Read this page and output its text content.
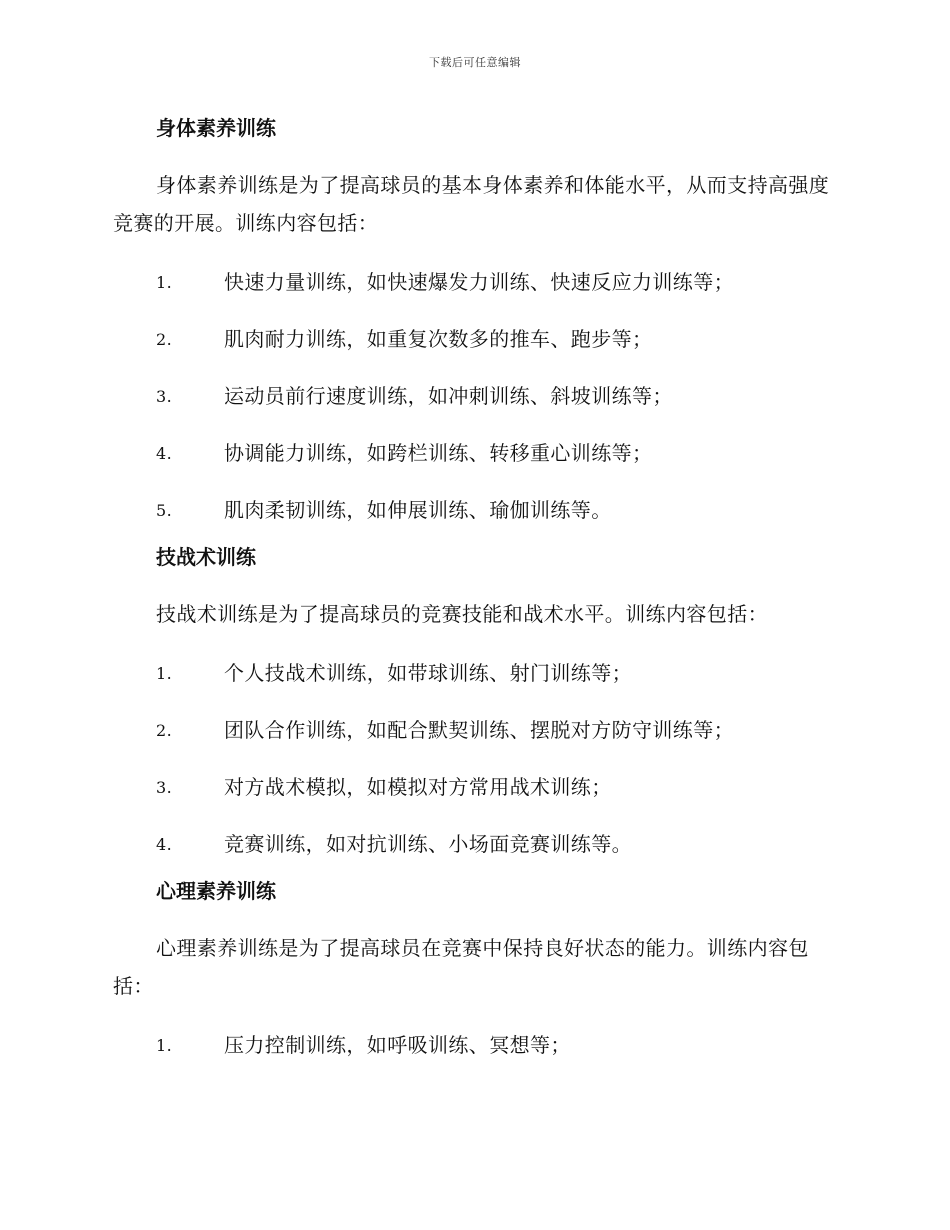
下载后可任意编辑
身体素养训练

身体素养训练是为了提高球员的基本身体素养和体能水平，从而支持高强度竞赛的开展。训练内容包括：

1.	快速力量训练，如快速爆发力训练、快速反应力训练等；
2.	肌肉耐力训练，如重复次数多的推车、跑步等；
3.	运动员前行速度训练，如冲刺训练、斜坡训练等；
4.	协调能力训练，如跨栏训练、转移重心训练等；
5.	肌肉柔韧训练，如伸展训练、瑜伽训练等。
技战术训练

技战术训练是为了提高球员的竞赛技能和战术水平。训练内容包括：

1.	个人技战术训练，如带球训练、射门训练等；
2.	团队合作训练，如配合默契训练、摆脱对方防守训练等；
3.	对方战术模拟，如模拟对方常用战术训练；
4.	竞赛训练，如对抗训练、小场面竞赛训练等。
心理素养训练

心理素养训练是为了提高球员在竞赛中保持良好状态的能力。训练内容包括：

1.	压力控制训练，如呼吸训练、冥想等；
